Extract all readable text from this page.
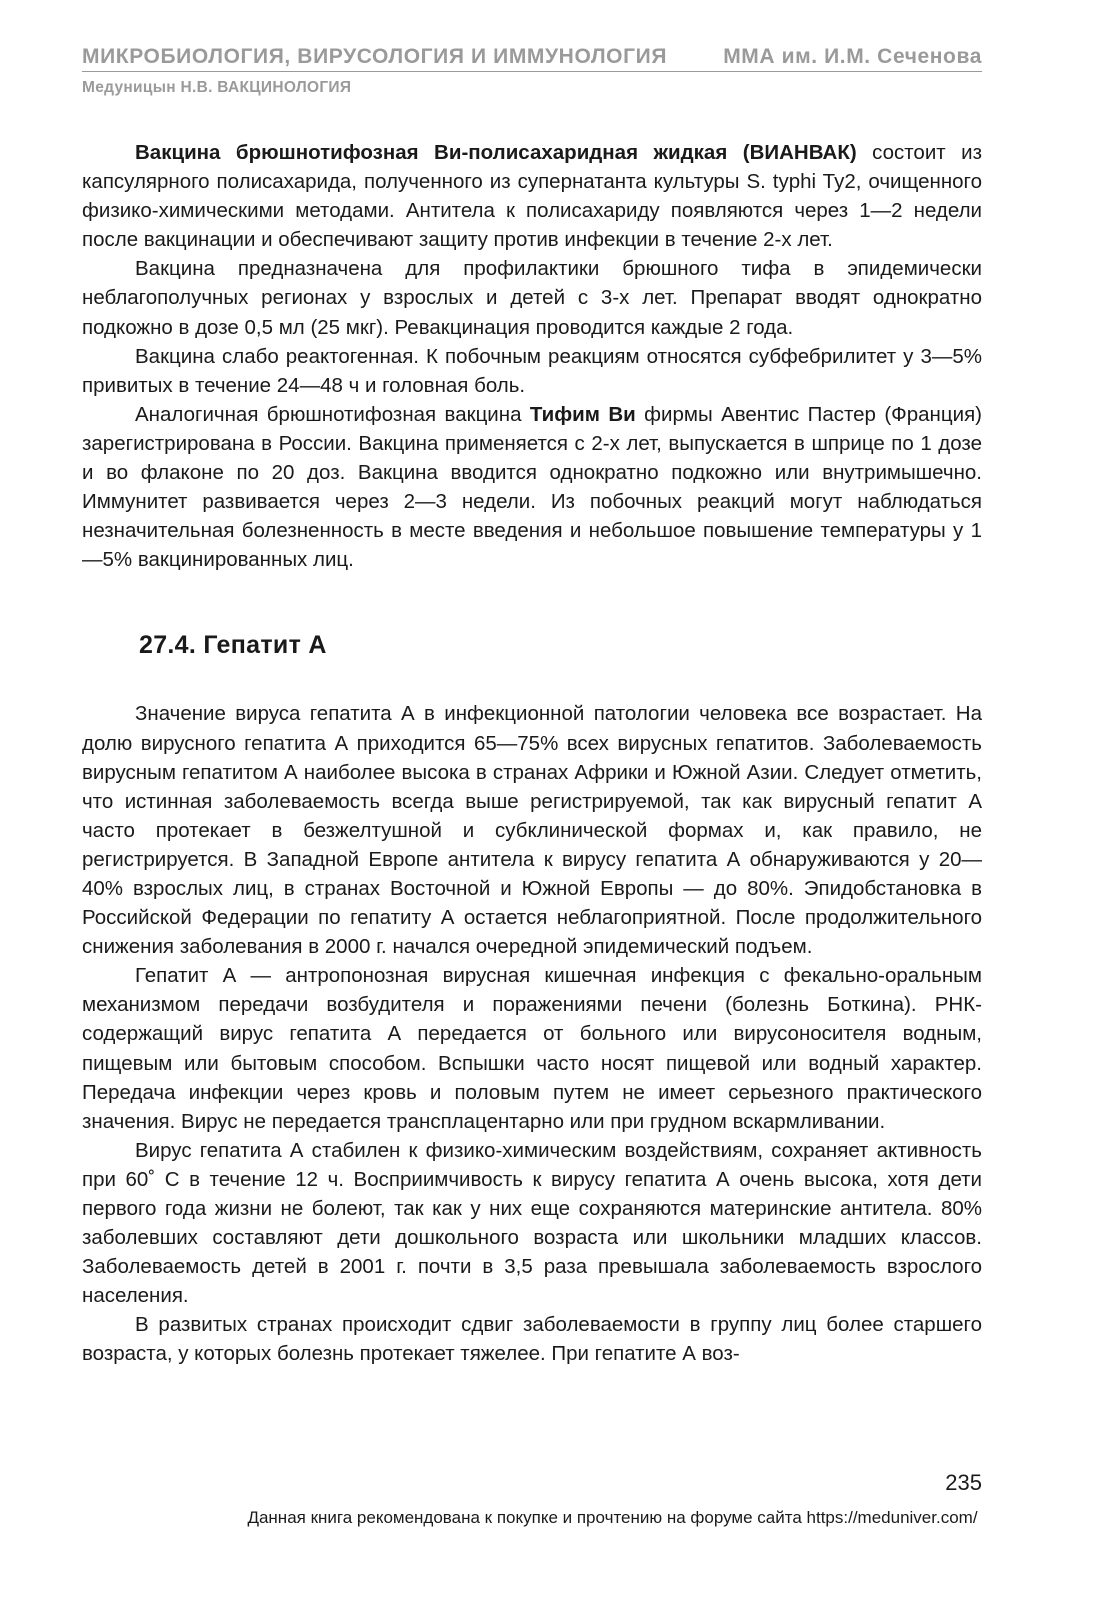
МИКРОБИОЛОГИЯ, ВИРУСОЛОГИЯ И ИММУНОЛОГИЯ	ММА им. И.М. Сеченова
Медуницын Н.В. ВАКЦИНОЛОГИЯ

Вакцина брюшнотифозная Ви-полисахаридная жидкая (ВИАНВАК) состоит из капсулярного полисахарида, полученного из супернатанта культуры S. typhi Ty2, очищенного физико-химическими методами. Антитела к полисахариду появляются через 1—2 недели после вакцинации и обеспечивают защиту против инфекции в течение 2-х лет.

Вакцина предназначена для профилактики брюшного тифа в эпидемически неблагополучных регионах у взрослых и детей с 3-х лет. Препарат вводят однократно подкожно в дозе 0,5 мл (25 мкг). Ревакцинация проводится каждые 2 года.

Вакцина слабо реактогенная. К побочным реакциям относятся субфебрилитет у 3—5% привитых в течение 24—48 ч и головная боль.

Аналогичная брюшнотифозная вакцина Тифим Ви фирмы Авентис Пастер (Франция) зарегистрирована в России. Вакцина применяется с 2-х лет, выпускается в шприце по 1 дозе и во флаконе по 20 доз. Вакцина вводится однократно подкожно или внутримышечно. Иммунитет развивается через 2—3 недели. Из побочных реакций могут наблюдаться незначительная болезненность в месте введения и небольшое повышение температуры у 1—5% вакцинированных лиц.

27.4. Гепатит А

Значение вируса гепатита А в инфекционной патологии человека все возрастает. На долю вирусного гепатита А приходится 65—75% всех вирусных гепатитов. Заболеваемость вирусным гепатитом А наиболее высока в странах Африки и Южной Азии. Следует отметить, что истинная заболеваемость всегда выше регистрируемой, так как вирусный гепатит А часто протекает в безжелтушной и субклинической формах и, как правило, не регистрируется. В Западной Европе антитела к вирусу гепатита А обнаруживаются у 20—40% взрослых лиц, в странах Восточной и Южной Европы — до 80%. Эпидобстановка в Российской Федерации по гепатиту А остается неблагоприятной. После продолжительного снижения заболевания в 2000 г. начался очередной эпидемический подъем.

Гепатит А — антропонозная вирусная кишечная инфекция с фекально-оральным механизмом передачи возбудителя и поражениями печени (болезнь Боткина). РНК-содержащий вирус гепатита А передается от больного или вирусоносителя водным, пищевым или бытовым способом. Вспышки часто носят пищевой или водный характер. Передача инфекции через кровь и половым путем не имеет серьезного практического значения. Вирус не передается трансплацентарно или при грудном вскармливании.

Вирус гепатита А стабилен к физико-химическим воздействиям, сохраняет активность при 60˚ С в течение 12 ч. Восприимчивость к вирусу гепатита А очень высока, хотя дети первого года жизни не болеют, так как у них еще сохраняются материнские антитела. 80% заболевших составляют дети дошкольного возраста или школьники младших классов. Заболеваемость детей в 2001 г. почти в 3,5 раза превышала заболеваемость взрослого населения.

В развитых странах происходит сдвиг заболеваемости в группу лиц более старшего возраста, у которых болезнь протекает тяжелее. При гепатите А воз-

235
Данная книга рекомендована к покупке и прочтению на форуме сайта https://meduniver.com/
